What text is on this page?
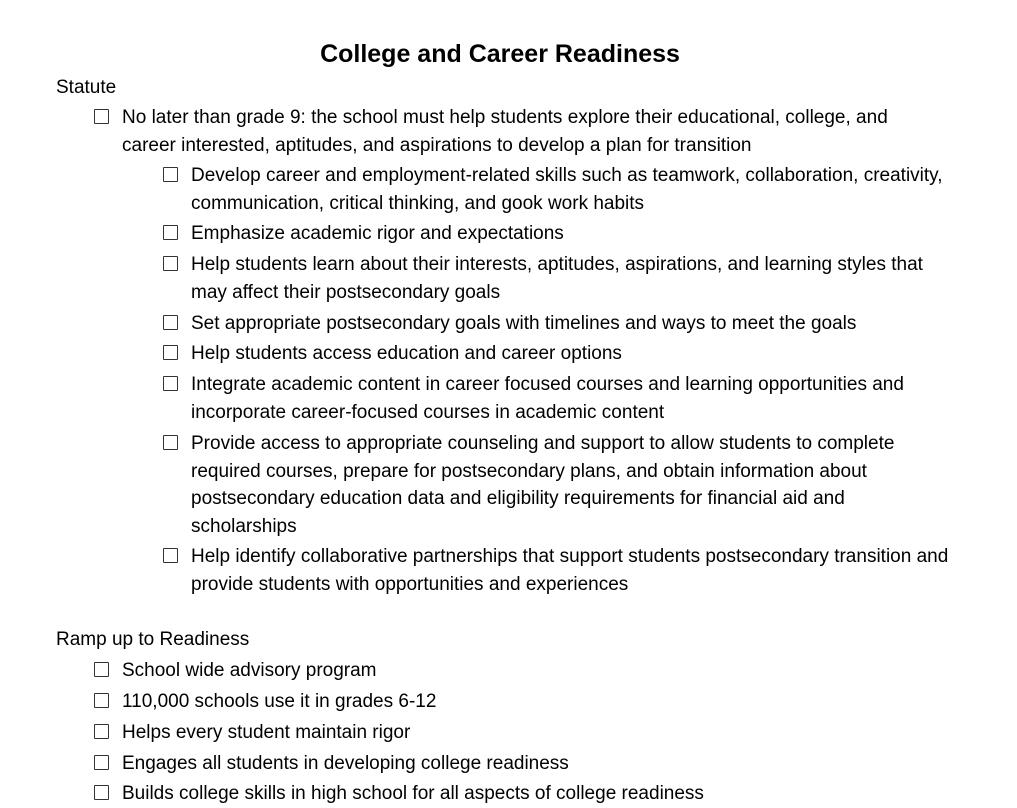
College and Career Readiness

Statute

No later than grade 9: the school must help students explore their educational, college, and career interested, aptitudes, and aspirations to develop a plan for transition
Develop career and employment-related skills such as teamwork, collaboration, creativity, communication, critical thinking, and gook work habits
Emphasize academic rigor and expectations
Help students learn about their interests, aptitudes, aspirations, and learning styles that may affect their postsecondary goals
Set appropriate postsecondary goals with timelines and ways to meet the goals
Help students access education and career options
Integrate academic content in career focused courses and learning opportunities and incorporate career-focused courses in academic content
Provide access to appropriate counseling and support to allow students to complete required courses, prepare for postsecondary plans, and obtain information about postsecondary education data and eligibility requirements for financial aid and scholarships
Help identify collaborative partnerships that support students postsecondary transition and provide students with opportunities and experiences

Ramp up to Readiness

School wide advisory program
110,000 schools use it in grades 6-12
Helps every student maintain rigor
Engages all students in developing college readiness
Builds college skills in high school for all aspects of college readiness
